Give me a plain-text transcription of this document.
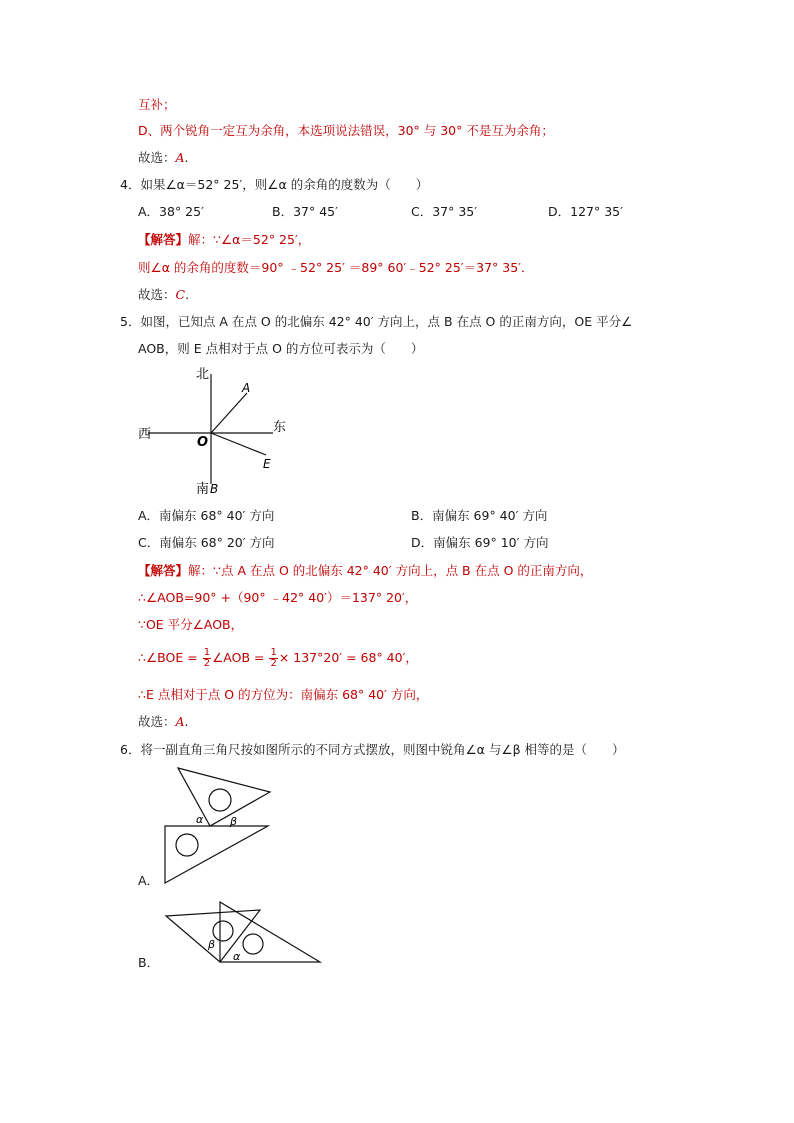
互补；
D、两个锐角一定互为余角，本选项说法错误，30° 与 30° 不是互为余角；
故选：A.
4．如果∠α＝52° 25′，则∠α 的余角的度数为（　　）
A．38° 25′	B．37° 45′	C．37° 35′	D．127° 35′
【解答】解：∵∠α＝52° 25′，
则∠α 的余角的度数＝90° ﹣52° 25′ ＝89° 60′﹣52° 25′＝37° 35′．
故选：C.
5．如图，已知点 A 在点 O 的北偏东 42° 40′ 方向上，点 B 在点 O 的正南方向，OE 平分∠
AOB，则 E 点相对于点 O 的方位可表示为（　　）
北
西	东
南
O
A
E
B
A．南偏东 68° 40′ 方向	B．南偏东 69° 40′ 方向
C．南偏东 68° 20′ 方向	D．南偏东 69° 10′ 方向
【解答】解：∵点 A 在点 O 的北偏东 42° 40′ 方向上，点 B 在点 O 的正南方向，
∴∠AOB=90° +（90° ﹣42° 40′）＝137° 20′，
∵OE 平分∠AOB，
∴∠BOE = $\frac{1}{2}$ ∠AOB = $\frac{1}{2} \times 137^\circ 20' = 68^\circ$ 40′，
∴E 点相对于点 O 的方位为：南偏东 68° 40′ 方向，
故选：A.
6．将一副直角三角尺按如图所示的不同方式摆放，则图中锐角∠α 与∠β 相等的是（　　）
α β
A．
β
α
B．
